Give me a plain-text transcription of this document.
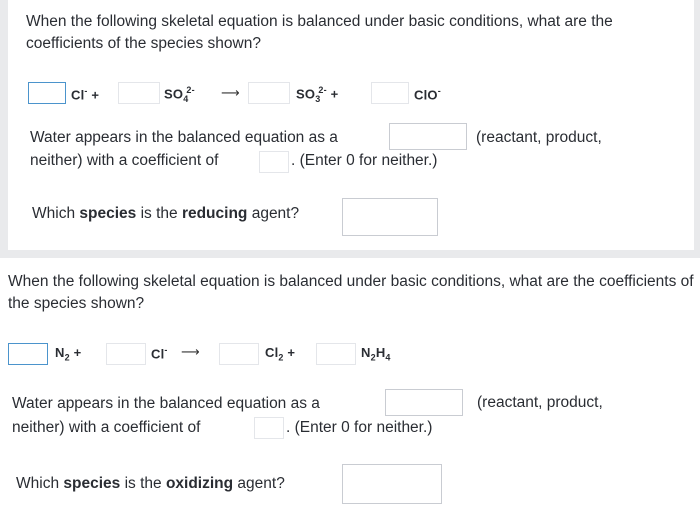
When the following skeletal equation is balanced under basic conditions, what are the coefficients of the species shown?
Cl- +	$SO_4^{2-}$ ⟶	$SO_3^{2-}$ +	ClO-
Water appears in the balanced equation as a	(reactant, product,
neither) with a coefficient of	. (Enter 0 for neither.)
Which species is the reducing agent?
When the following skeletal equation is balanced under basic conditions, what are the coefficients of the species shown?
$N_2$ +	Cl- ⟶	$Cl_2$ +	$N_2H_4$
Water appears in the balanced equation as a	(reactant, product,
neither) with a coefficient of	. (Enter 0 for neither.)
Which species is the oxidizing agent?
